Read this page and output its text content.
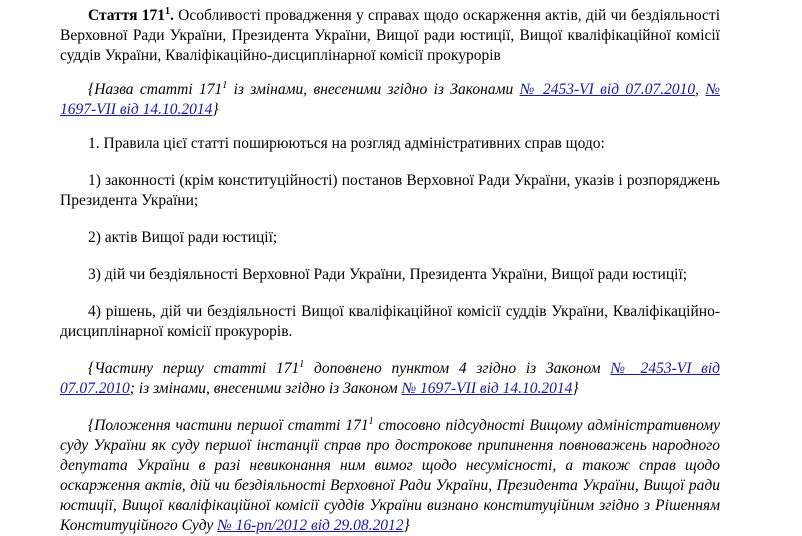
Стаття $171^1$. Особливості провадження у справах щодо оскарження актів, дій чи бездіяльності Верховної Ради України, Президента України, Вищої ради юстиції, Вищої кваліфікаційної комісії суддів України, Кваліфікаційно-дисциплінарної комісії прокурорів

{Назва статті $171^1$ із змінами, внесеними згідно із Законами № 2453-VI від 07.07.2010, № 1697-VII від 14.10.2014}

1. Правила цієї статті поширюються на розгляд адміністративних справ щодо:

1) законності (крім конституційності) постанов Верховної Ради України, указів і розпоряджень Президента України;

2) актів Вищої ради юстиції;

3) дій чи бездіяльності Верховної Ради України, Президента України, Вищої ради юстиції;

4) рішень, дій чи бездіяльності Вищої кваліфікаційної комісії суддів України, Кваліфікаційно-дисциплінарної комісії прокурорів.

{Частину першу статті $171^1$ доповнено пунктом 4 згідно із Законом № 2453-VI від 07.07.2010; із змінами, внесеними згідно із Законом № 1697-VII від 14.10.2014}

{Положення частини першої статті $171^1$ стосовно підсудності Вищому адміністративному суду України як суду першої інстанції справ про дострокове припинення повноважень народного депутата України в разі невиконання ним вимог щодо несумісності, а також справ щодо оскарження актів, дій чи бездіяльності Верховної Ради України, Президента України, Вищої ради юстиції, Вищої кваліфікаційної комісії суддів України визнано конституційним згідно з Рішенням Конституційного Суду № 16-рп/2012 від 29.08.2012}
